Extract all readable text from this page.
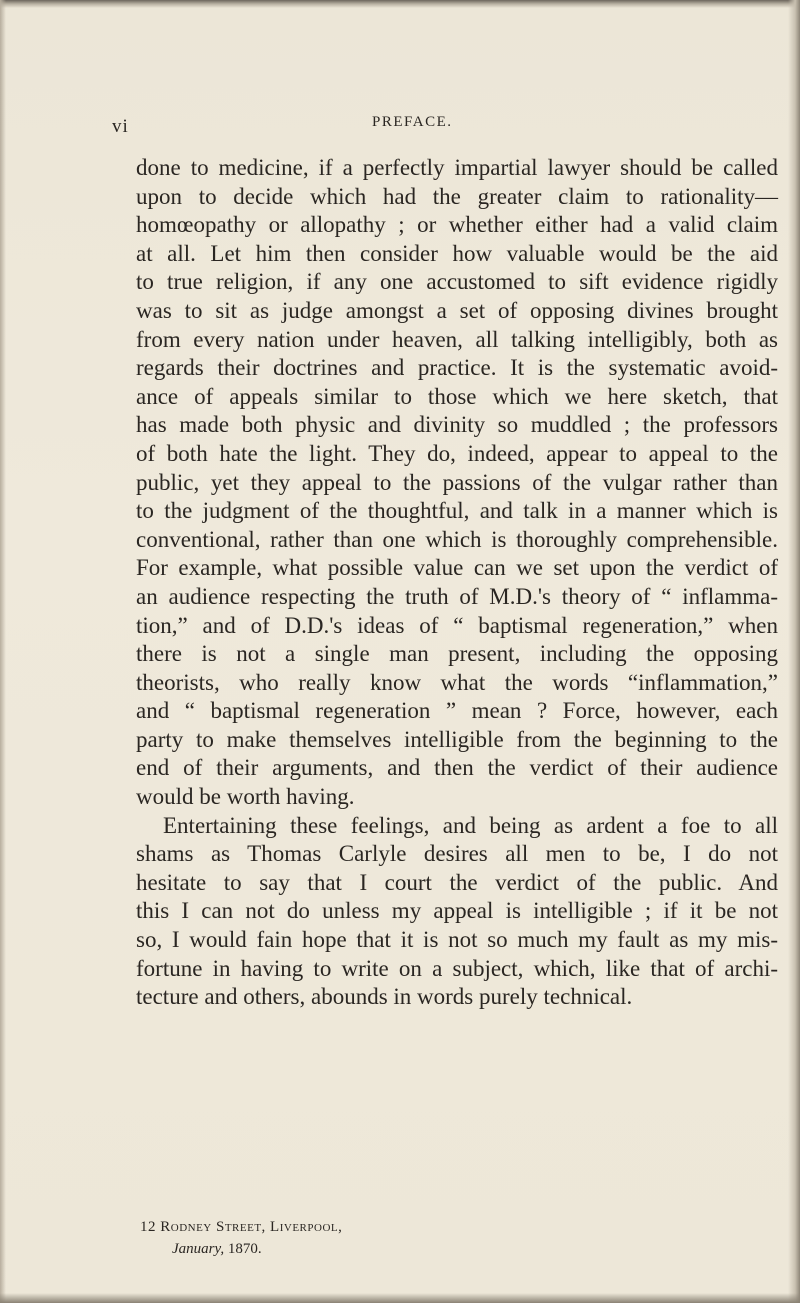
vi	PREFACE.
done to medicine, if a perfectly impartial lawyer should be called
upon to decide which had the greater claim to rationality—
homœopathy or allopathy ; or whether either had a valid claim
at all. Let him then consider how valuable would be the aid
to true religion, if any one accustomed to sift evidence rigidly
was to sit as judge amongst a set of opposing divines brought
from every nation under heaven, all talking intelligibly, both as
regards their doctrines and practice. It is the systematic avoid-
ance of appeals similar to those which we here sketch, that
has made both physic and divinity so muddled ; the professors
of both hate the light. They do, indeed, appear to appeal to the
public, yet they appeal to the passions of the vulgar rather than
to the judgment of the thoughtful, and talk in a manner which is
conventional, rather than one which is thoroughly comprehensible.
For example, what possible value can we set upon the verdict of
an audience respecting the truth of M.D.'s theory of “ inflamma-
tion,” and of D.D.'s ideas of “ baptismal regeneration,” when
there is not a single man present, including the opposing
theorists, who really know what the words “inflammation,”
and “ baptismal regeneration ” mean ? Force, however, each
party to make themselves intelligible from the beginning to the
end of their arguments, and then the verdict of their audience
would be worth having.
Entertaining these feelings, and being as ardent a foe to all
shams as Thomas Carlyle desires all men to be, I do not
hesitate to say that I court the verdict of the public. And
this I can not do unless my appeal is intelligible ; if it be not
so, I would fain hope that it is not so much my fault as my mis-
fortune in having to write on a subject, which, like that of archi-
tecture and others, abounds in words purely technical.
12 Rodney Street, Liverpool,
January, 1870.
